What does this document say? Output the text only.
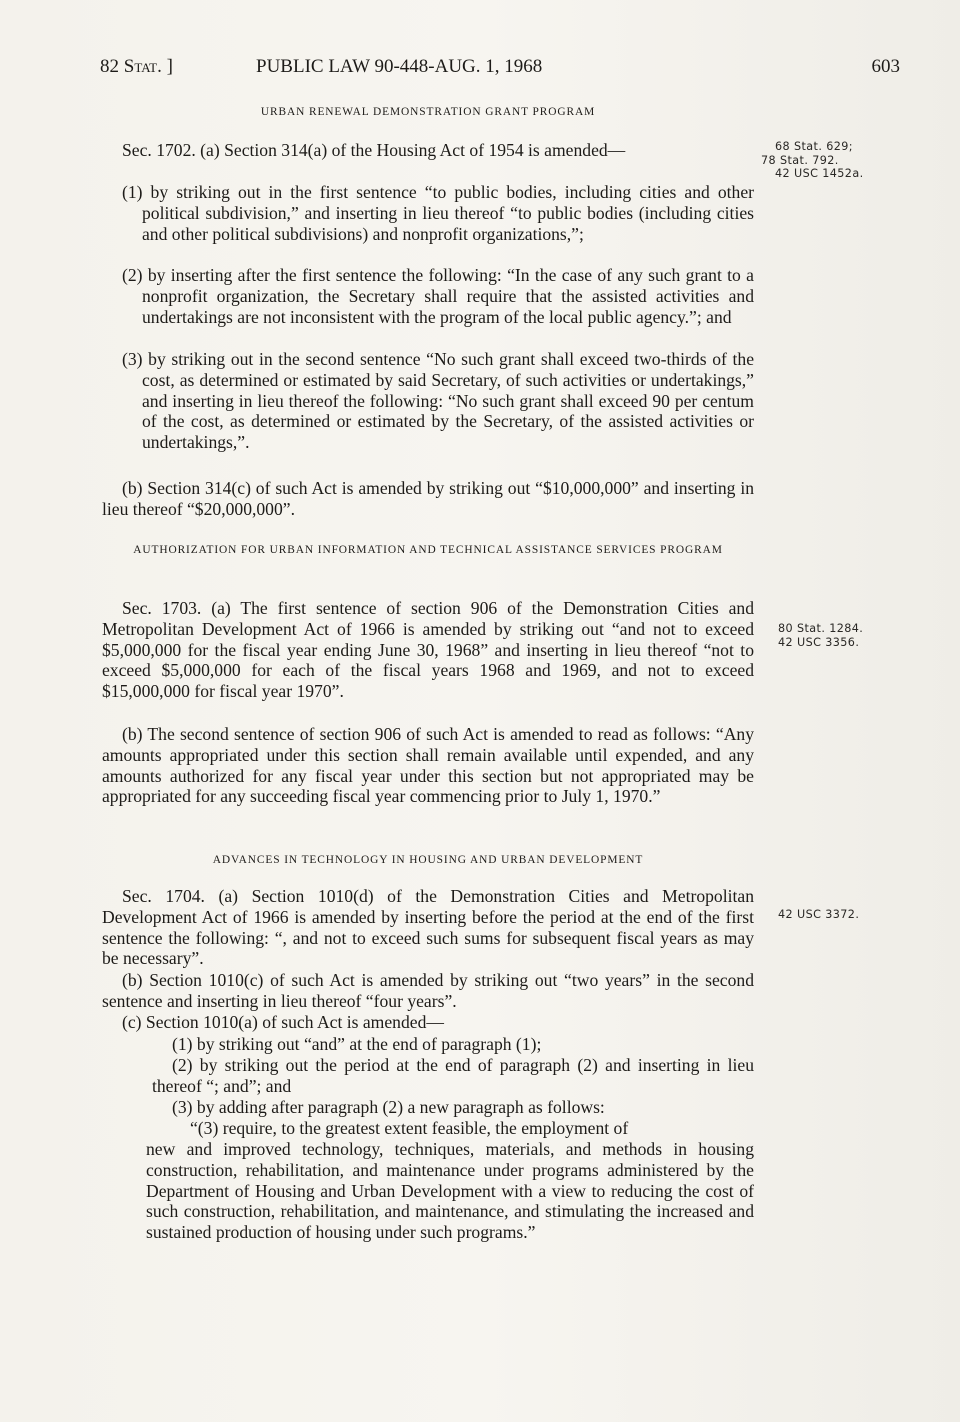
82 Stat. ]	PUBLIC LAW 90-448-AUG. 1, 1968	603
URBAN RENEWAL DEMONSTRATION GRANT PROGRAM
Sec. 1702. (a) Section 314(a) of the Housing Act of 1954 is amended—
(1) by striking out in the first sentence “to public bodies, including cities and other political subdivision,” and inserting in lieu thereof “to public bodies (including cities and other political subdivisions) and nonprofit organizations,”;
(2) by inserting after the first sentence the following: “In the case of any such grant to a nonprofit organization, the Secretary shall require that the assisted activities and undertakings are not inconsistent with the program of the local public agency.”; and
(3) by striking out in the second sentence “No such grant shall exceed two-thirds of the cost, as determined or estimated by said Secretary, of such activities or undertakings,” and inserting in lieu thereof the following: “No such grant shall exceed 90 per centum of the cost, as determined or estimated by the Secretary, of the assisted activities or undertakings,”.
(b) Section 314(c) of such Act is amended by striking out “$10,000,000” and inserting in lieu thereof “$20,000,000”.
68 Stat. 629;
78 Stat. 792.
42 USC 1452a.
AUTHORIZATION FOR URBAN INFORMATION AND TECHNICAL ASSISTANCE SERVICES PROGRAM
Sec. 1703. (a) The first sentence of section 906 of the Demonstration Cities and Metropolitan Development Act of 1966 is amended by striking out “and not to exceed $5,000,000 for the fiscal year ending June 30, 1968” and inserting in lieu thereof “not to exceed $5,000,000 for each of the fiscal years 1968 and 1969, and not to exceed $15,000,000 for fiscal year 1970”.
(b) The second sentence of section 906 of such Act is amended to read as follows: “Any amounts appropriated under this section shall remain available until expended, and any amounts authorized for any fiscal year under this section but not appropriated may be appropriated for any succeeding fiscal year commencing prior to July 1, 1970.”
80 Stat. 1284.
42 USC 3356.
ADVANCES IN TECHNOLOGY IN HOUSING AND URBAN DEVELOPMENT
Sec. 1704. (a) Section 1010(d) of the Demonstration Cities and Metropolitan Development Act of 1966 is amended by inserting before the period at the end of the first sentence the following: “, and not to exceed such sums for subsequent fiscal years as may be necessary”.
(b) Section 1010(c) of such Act is amended by striking out “two years” in the second sentence and inserting in lieu thereof “four years”.
(c) Section 1010(a) of such Act is amended—
(1) by striking out “and” at the end of paragraph (1);
(2) by striking out the period at the end of paragraph (2) and inserting in lieu thereof “; and”; and
(3) by adding after paragraph (2) a new paragraph as follows:
“(3) require, to the greatest extent feasible, the employment of
new and improved technology, techniques, materials, and methods in housing construction, rehabilitation, and maintenance under programs administered by the Department of Housing and Urban Development with a view to reducing the cost of such construction, rehabilitation, and maintenance, and stimulating the increased and sustained production of housing under such programs.”
42 USC 3372.
